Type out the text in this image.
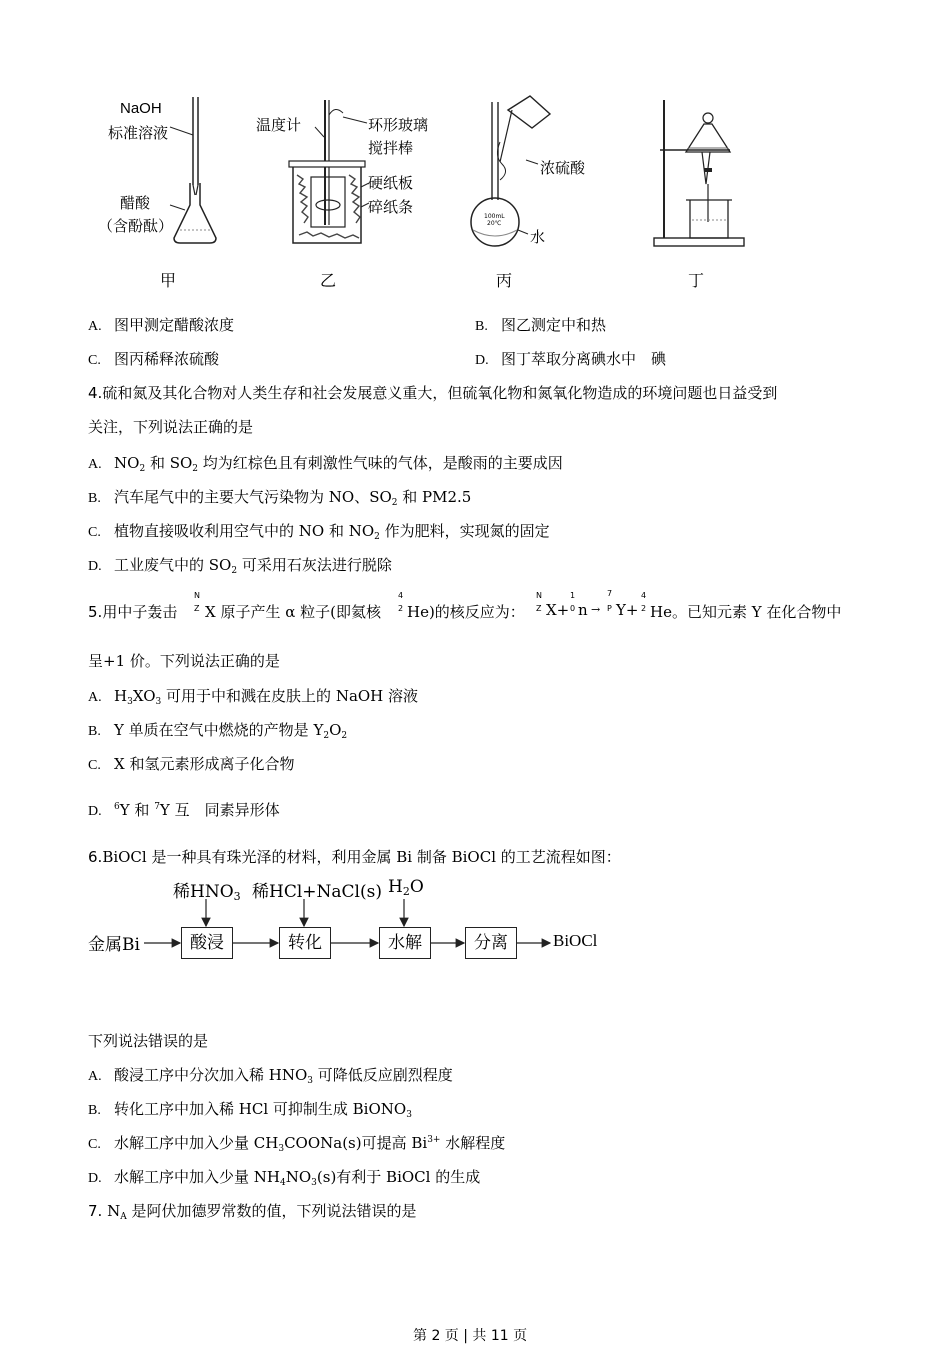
NaOH
标准溶液
醋酸
（含酚酞）
甲
温度计	环形玻璃
搅拌棒
硬纸板
碎纸条
乙
浓硫酸
水
100mL
20℃
丙	丁
A. 图甲测定醋酸浓度	B. 图乙测定中和热
C. 图丙稀释浓硫酸	D. 图丁萃取分离碘水中　碘
4.硫和氮及其化合物对人类生存和社会发展意义重大，但硫氧化物和氮氧化物造成的环境问题也日益受到
关注，下列说法正确的是
A. $NO_2$ 和 $SO_2$ 均为红棕色且有刺激性气味的气体，是酸雨的主要成因
B. 汽车尾气中的主要大气污染物为 NO、$SO_2$ 和 PM2.5
C. 植物直接吸收利用空气中的 NO 和 $NO_2$ 作为肥料，实现氮的固定
D. 工业废气中的 $SO_2$ 可采用石灰法进行脱除
5.用中子轰击
N
Z X 原子产生 α 粒子(即氦核
4
2 He)的核反应为：
N
Z X+
1
0 n →
7
P Y+
4
2 He。已知元素 Y 在化合物中
呈+1 价。下列说法正确的是
A. $H_3XO_3$ 可用于中和溅在皮肤上的 NaOH 溶液
B. Y 单质在空气中燃烧的产物是 $Y_2O_2$
C. X 和氢元素形成离子化合物
D. $^6$Y 和 $^7$Y 互　同素异形体
6.BiOCl 是一种具有珠光泽的材料，利用金属 Bi 制备 BiOCl 的工艺流程如图：
稀$HNO_3$ 稀HCl+NaCl(s) $H_2O$
金属Bi	酸浸	转化	水解	分离	BiOCl
下列说法错误的是
A. 酸浸工序中分次加入稀 $HNO_3$ 可降低反应剧烈程度
B. 转化工序中加入稀 HCl 可抑制生成 BiONO$_3$
C. 水解工序中加入少量 $CH_3COONa(s)$可提高 $Bi^{3+}$ 水解程度
D. 水解工序中加入少量 $NH_4NO_3(s)$有利于 BiOCl 的生成
7. $N_A$ 是阿伏加德罗常数的值，下列说法错误的是
第 2 页 | 共 11 页
